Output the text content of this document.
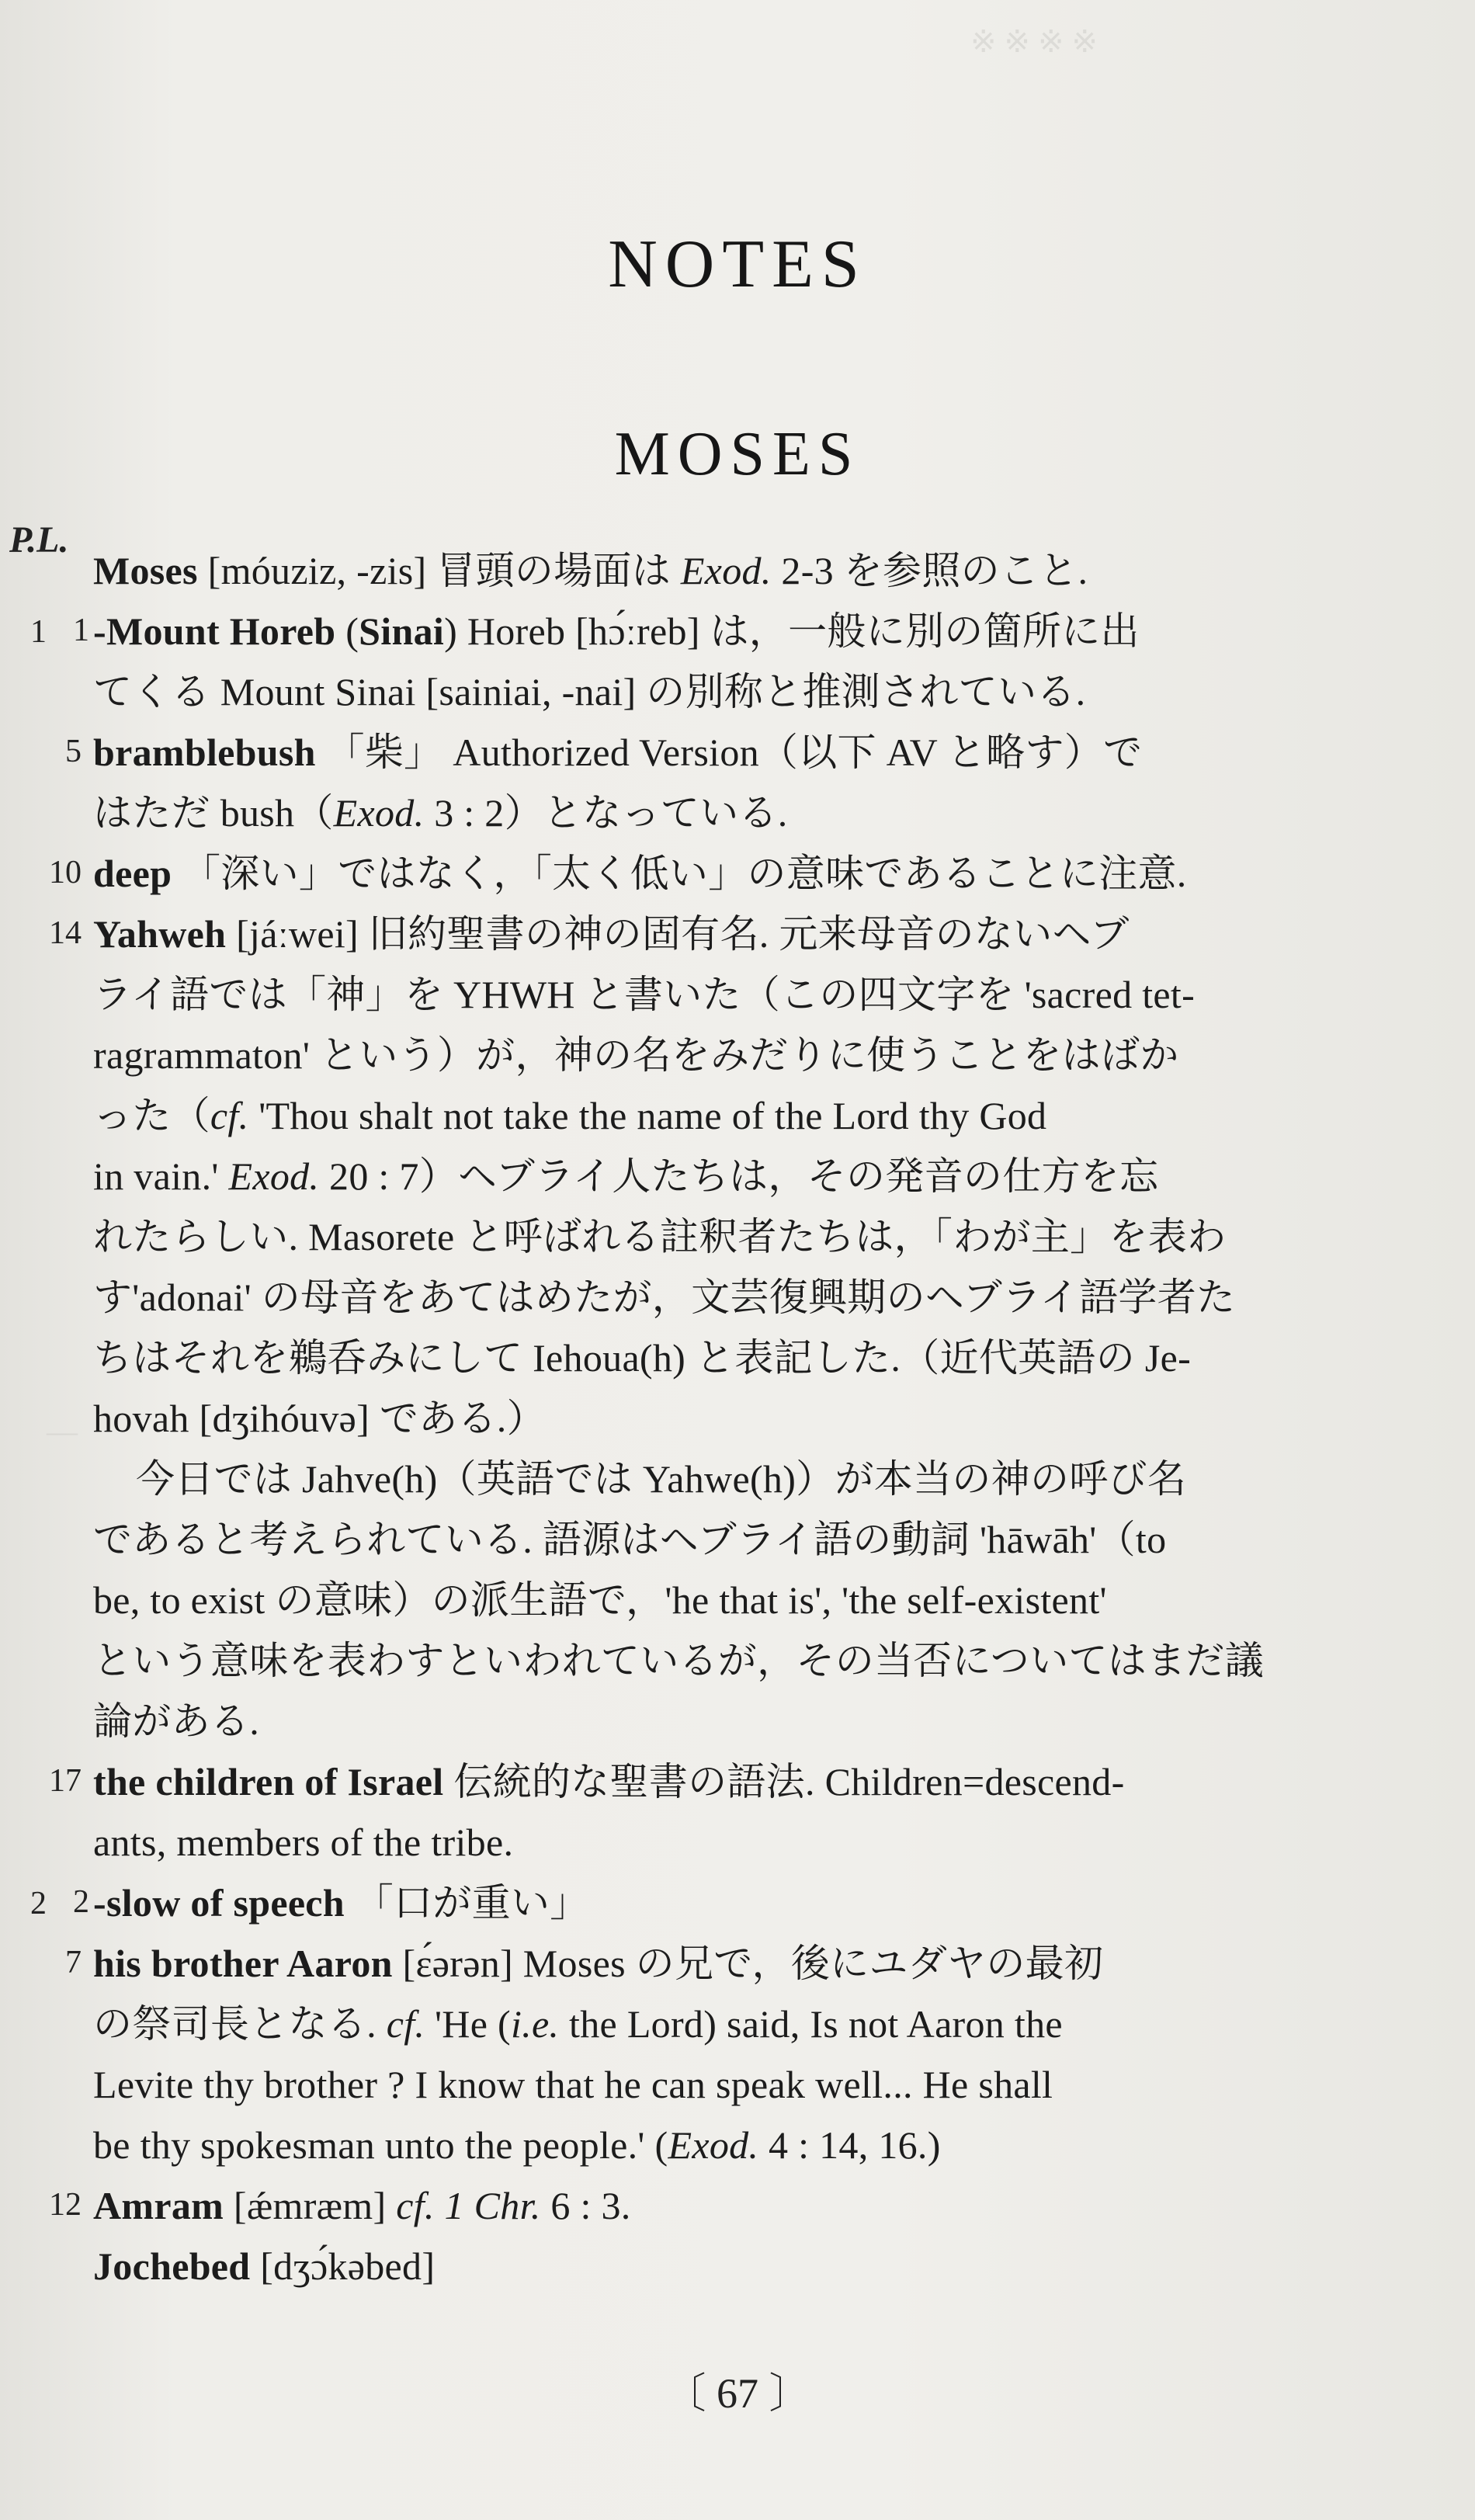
※ ※ ※ ※
—
NOTES
MOSES
P.L.
Moses [móuziz, -zis] 冒頭の場面は Exod. 2-3 を参照のこと.
1 1 -Mount Horeb (Sinai) Horeb [hɔ́ːreb] は，一般に別の箇所に出
てくる Mount Sinai [sainiai, -nai] の別称と推測されている.
5 bramblebush 「柴」 Authorized Version（以下 AV と略す）で
はただ bush（Exod. 3 : 2）となっている.
10 deep 「深い」ではなく，「太く低い」の意味であることに注意.
14 Yahweh [jáːwei] 旧約聖書の神の固有名. 元来母音のないヘブ
ライ語では「神」を YHWH と書いた（この四文字を 'sacred tet-
ragrammaton' という）が，神の名をみだりに使うことをはばか
った（cf. 'Thou shalt not take the name of the Lord thy God
in vain.' Exod. 20 : 7）ヘブライ人たちは，その発音の仕方を忘
れたらしい. Masorete と呼ばれる註釈者たちは，「わが主」を表わ
す'adonai' の母音をあてはめたが，文芸復興期のヘブライ語学者た
ちはそれを鵜呑みにして Iehoua(h) と表記した.（近代英語の Je-
hovah [dʒihóuvə] である.）
今日では Jahve(h)（英語では Yahwe(h)）が本当の神の呼び名
であると考えられている. 語源はヘブライ語の動詞 'hāwāh'（to
be, to exist の意味）の派生語で，'he that is', 'the self-existent'
という意味を表わすといわれているが，その当否についてはまだ議
論がある.
17 the children of Israel 伝統的な聖書の語法. Children=descend-
ants, members of the tribe.
2 2 -slow of speech 「口が重い」
7 his brother Aaron [ɛ́ərən] Moses の兄で，後にユダヤの最初
の祭司長となる. cf. 'He (i.e. the Lord) said, Is not Aaron the
Levite thy brother ? I know that he can speak well... He shall
be thy spokesman unto the people.' (Exod. 4 : 14, 16.)
12 Amram [ǽmræm] cf. 1 Chr. 6 : 3.
Jochebed [dʒɔ́kəbed]
〔 67 〕
